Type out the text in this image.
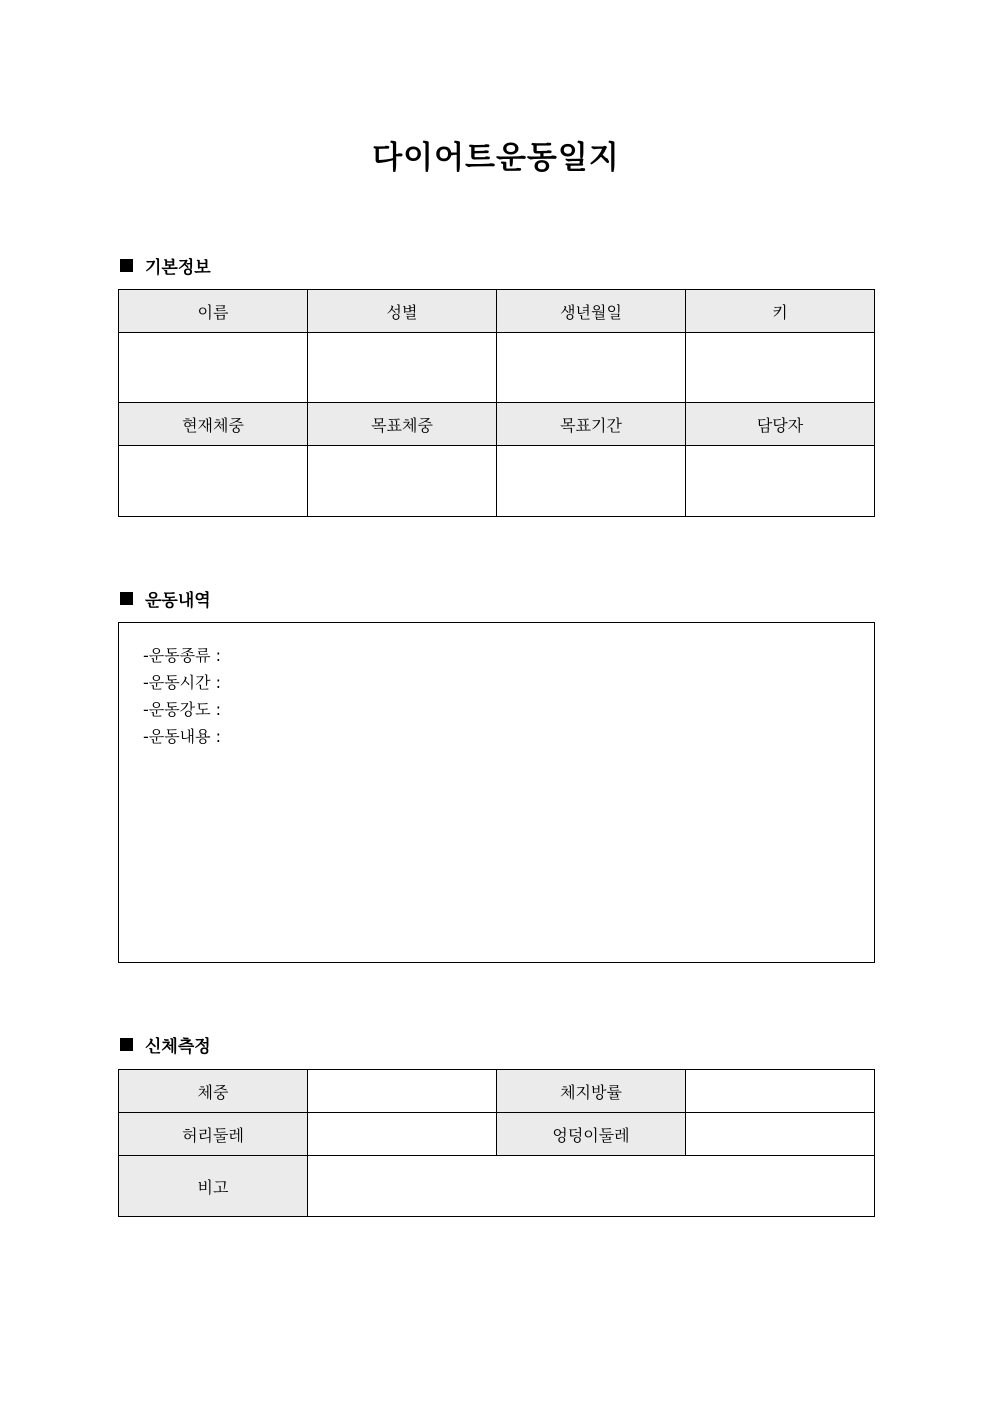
다이어트운동일지
기본정보
이름	성별	생년월일	키

현재체중	목표체중	목표기간	담당자

운동내역
-운동종류 :
-운동시간 :
-운동강도 :
-운동내용 :
신체측정
체중		체지방률	
허리둘레		엉덩이둘레	
비고			
